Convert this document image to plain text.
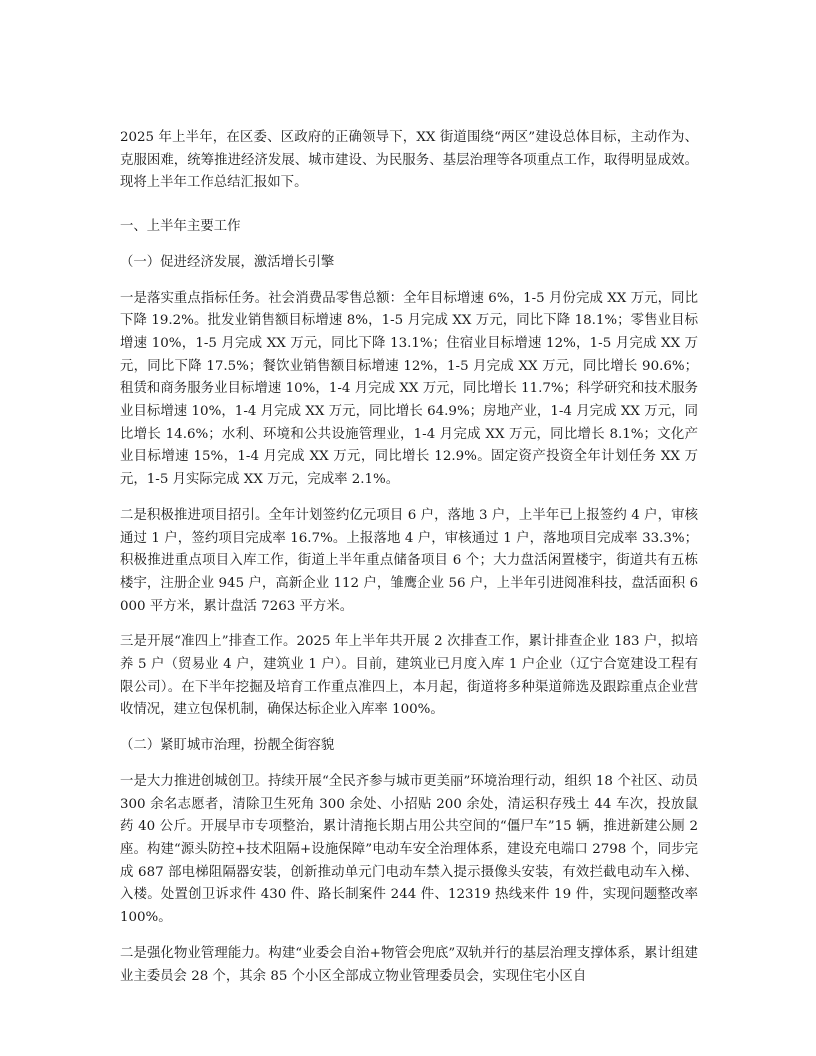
2025 年上半年，在区委、区政府的正确领导下，XX 街道围绕“两区”建设总体目标，主动作为、克服困难，统筹推进经济发展、城市建设、为民服务、基层治理等各项重点工作，取得明显成效。现将上半年工作总结汇报如下。

一、上半年主要工作

（一）促进经济发展，激活增长引擎

一是落实重点指标任务。社会消费品零售总额：全年目标增速 6%，1-5 月份完成 XX 万元，同比下降 19.2%。批发业销售额目标增速 8%，1-5 月完成 XX 万元，同比下降 18.1%；零售业目标增速 10%，1-5 月完成 XX 万元，同比下降 13.1%；住宿业目标增速 12%，1-5 月完成 XX 万元，同比下降 17.5%；餐饮业销售额目标增速 12%，1-5 月完成 XX 万元，同比增长 90.6%；租赁和商务服务业目标增速 10%，1-4 月完成 XX 万元，同比增长 11.7%；科学研究和技术服务业目标增速 10%，1-4 月完成 XX 万元，同比增长 64.9%；房地产业，1-4 月完成 XX 万元，同比增长 14.6%；水利、环境和公共设施管理业，1-4 月完成 XX 万元，同比增长 8.1%；文化产业目标增速 15%，1-4 月完成 XX 万元，同比增长 12.9%。固定资产投资全年计划任务 XX 万元，1-5 月实际完成 XX 万元，完成率 2.1%。

二是积极推进项目招引。全年计划签约亿元项目 6 户，落地 3 户，上半年已上报签约 4 户，审核通过 1 户，签约项目完成率 16.7%。上报落地 4 户，审核通过 1 户，落地项目完成率 33.3%；积极推进重点项目入库工作，街道上半年重点储备项目 6 个；大力盘活闲置楼宇，街道共有五栋楼宇，注册企业 945 户，高新企业 112 户，雏鹰企业 56 户，上半年引进阅准科技，盘活面积 6000 平方米，累计盘活 7263 平方米。

三是开展“准四上”排查工作。2025 年上半年共开展 2 次排查工作，累计排查企业 183 户，拟培养 5 户（贸易业 4 户，建筑业 1 户）。目前，建筑业已月度入库 1 户企业（辽宁合宽建设工程有限公司）。在下半年挖掘及培育工作重点准四上，本月起，街道将多种渠道筛选及跟踪重点企业营收情况，建立包保机制，确保达标企业入库率 100%。

（二）紧盯城市治理，扮靓全街容貌

一是大力推进创城创卫。持续开展“全民齐参与城市更美丽”环境治理行动，组织 18 个社区、动员 300 余名志愿者，清除卫生死角 300 余处、小招贴 200 余处，清运积存残土 44 车次，投放鼠药 40 公斤。开展早市专项整治，累计清拖长期占用公共空间的“僵尸车”15 辆，推进新建公厕 2 座。构建“源头防控+技术阻隔+设施保障”电动车安全治理体系，建设充电端口 2798 个，同步完成 687 部电梯阻隔器安装，创新推动单元门电动车禁入提示摄像头安装，有效拦截电动车入梯、入楼。处置创卫诉求件 430 件、路长制案件 244 件、12319 热线来件 19 件，实现问题整改率 100%。

二是强化物业管理能力。构建“业委会自治+物管会兜底”双轨并行的基层治理支撑体系，累计组建业主委员会 28 个，其余 85 个小区全部成立物业管理委员会，实现住宅小区自
